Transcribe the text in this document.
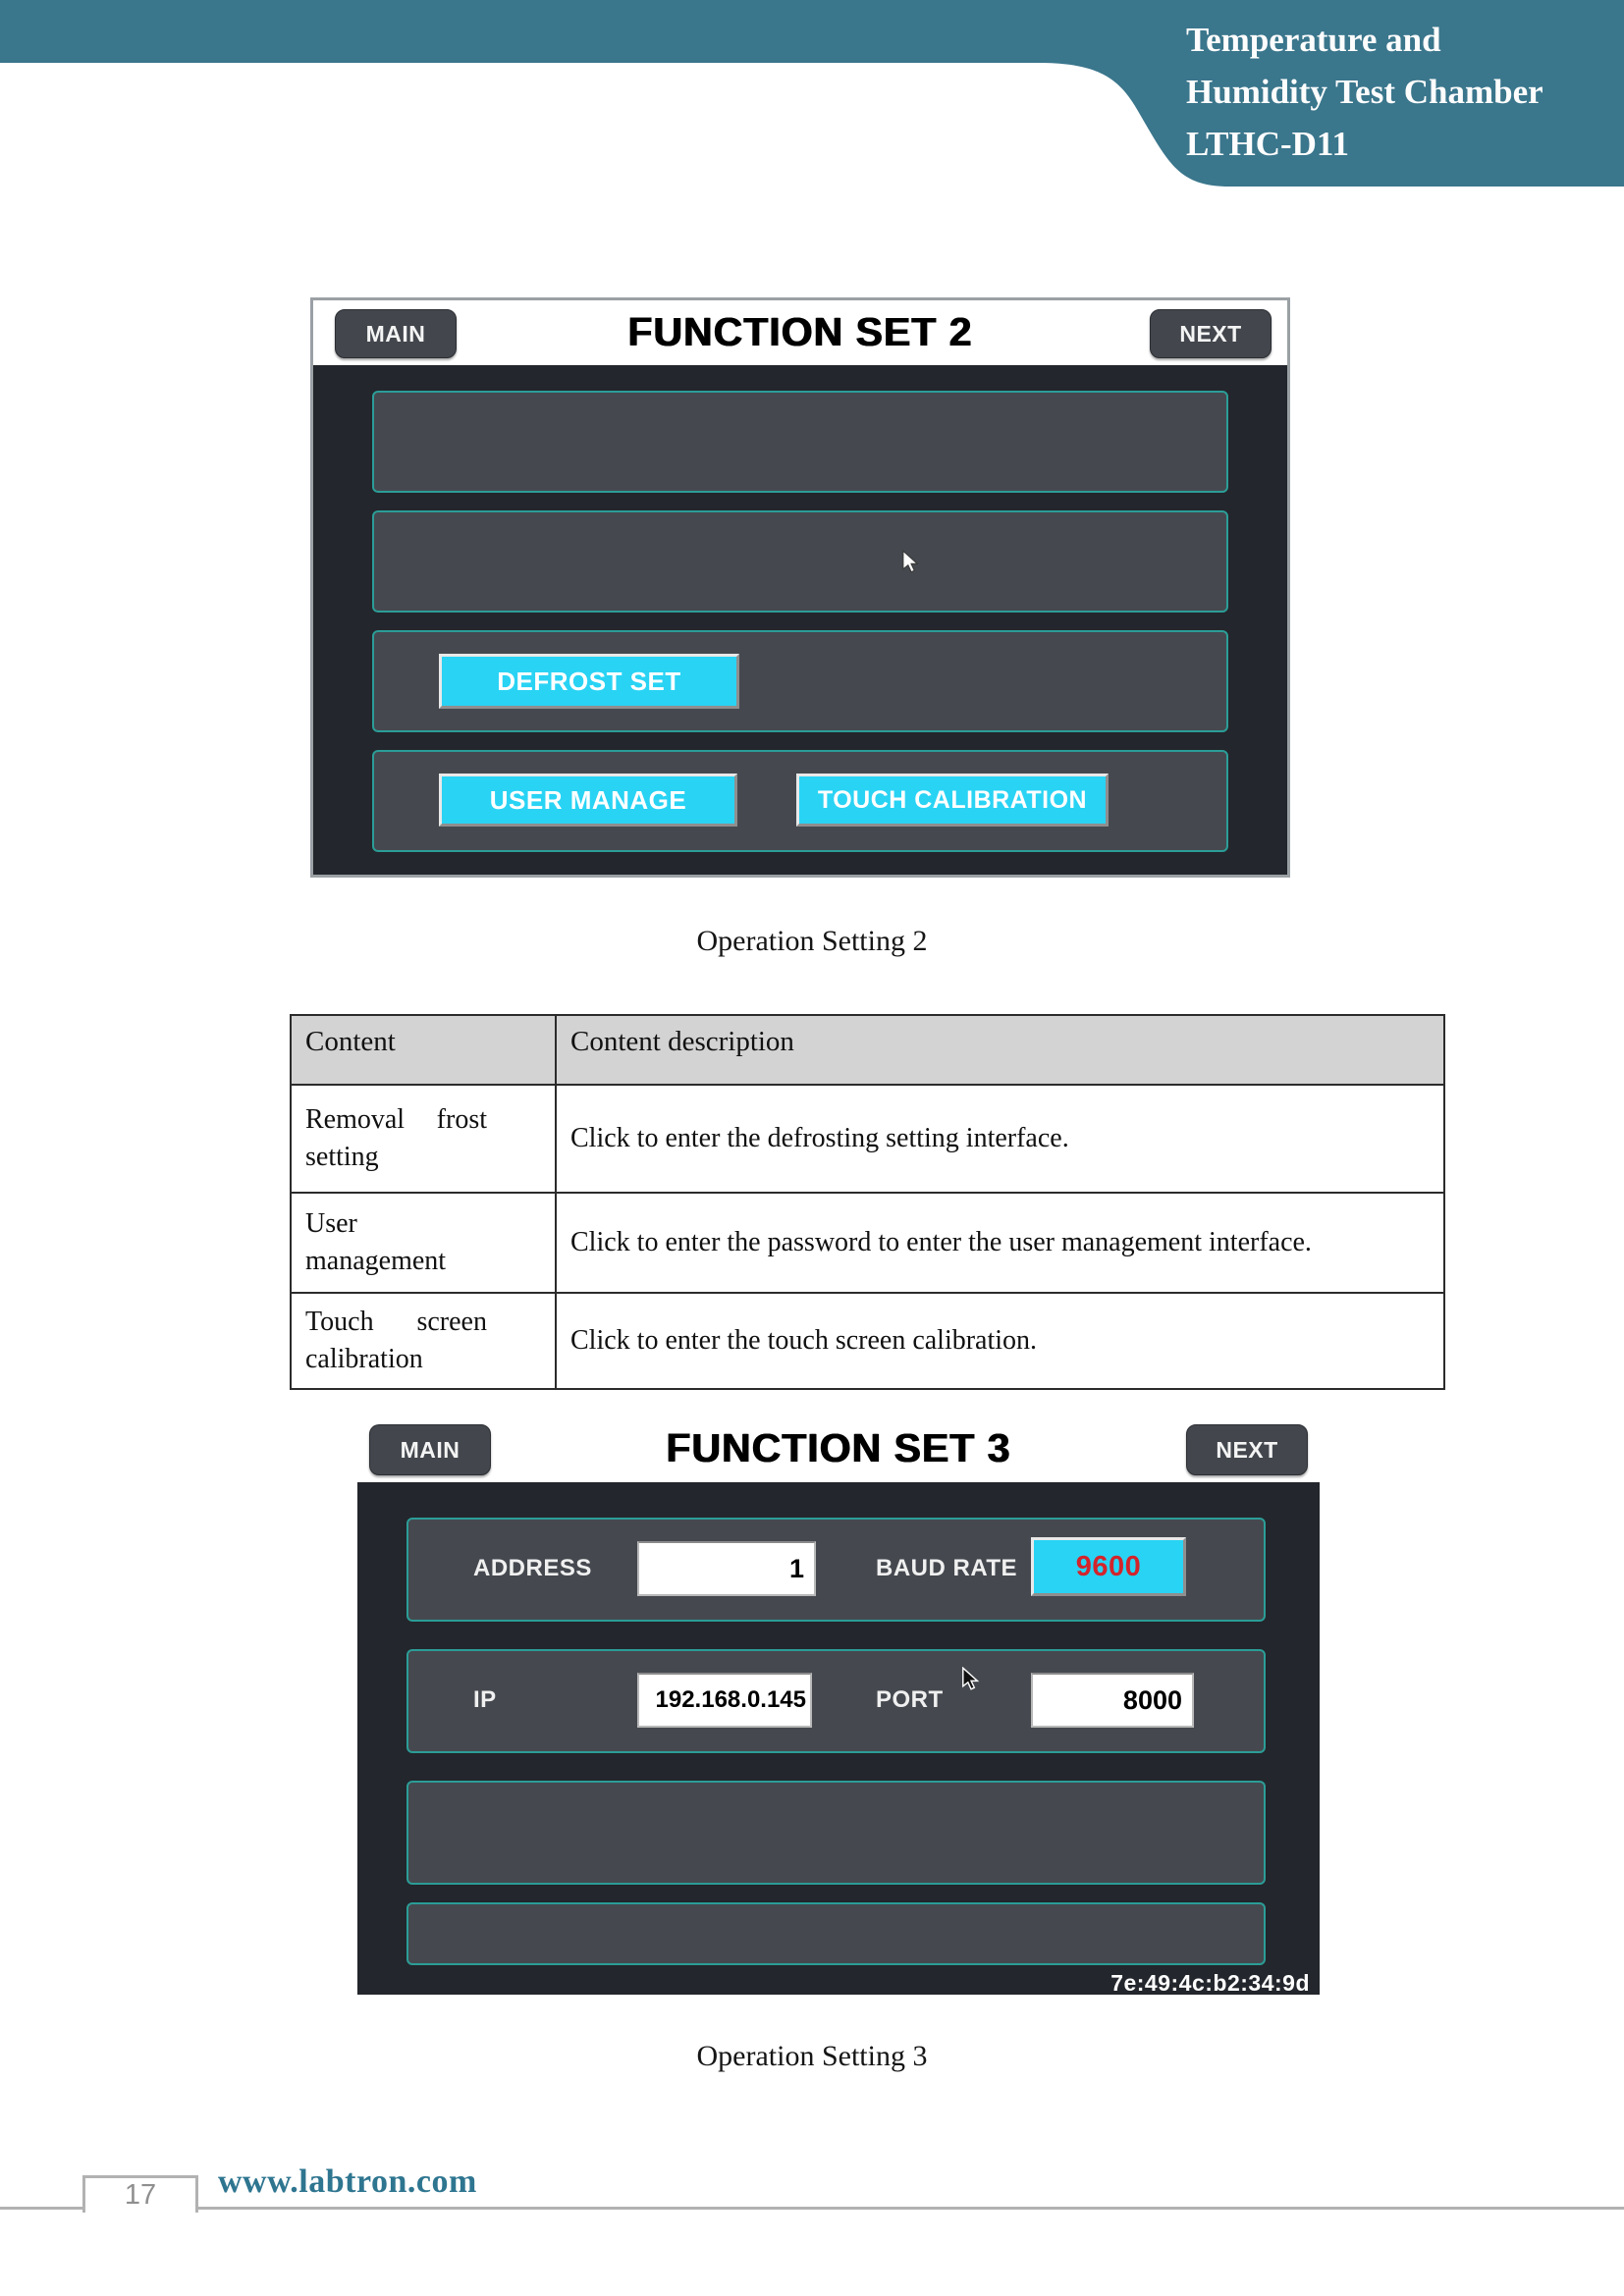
Temperature and
Humidity Test Chamber
LTHC-D11
MAIN	FUNCTION SET 2	NEXT
DEFROST SET
USER MANAGE	TOUCH CALIBRATION
Operation Setting 2
Content	Content description

Removal frost setting	Click to enter the defrosting setting interface.

User management	Click to enter the password to enter the user management interface.

Touch screen calibration	Click to enter the touch screen calibration.
MAIN	FUNCTION SET 3	NEXT
ADDRESS	1	BAUD RATE	9600
IP	192.168.0.145	PORT	8000
7e:49:4c:b2:34:9d
Operation Setting 3
17	www.labtron.com
